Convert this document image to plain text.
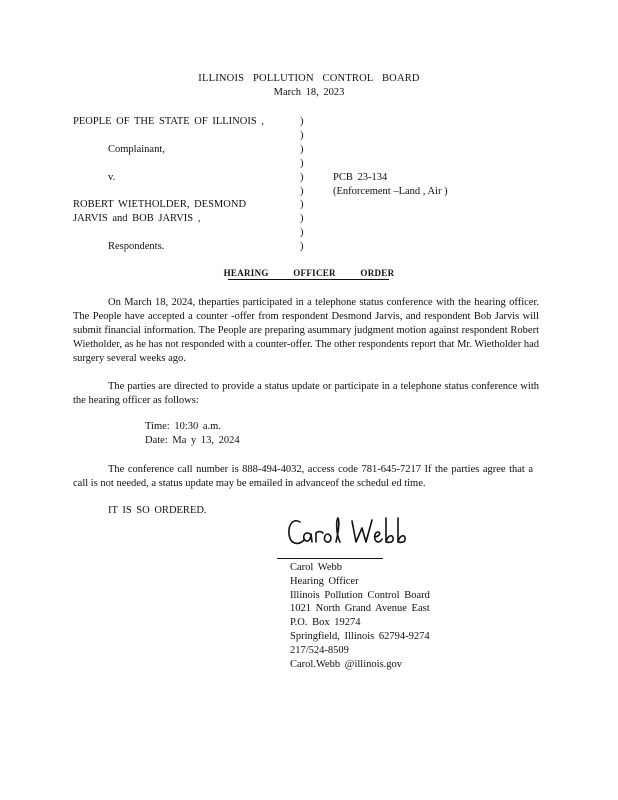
ILLINOIS POLLUTION CONTROL BOARD
March 18, 2023
PEOPLE OF THE STATE OF ILLINOIS ,
Complainant,
v.
ROBERT WIETHOLDER, DESMOND
JARVIS and BOB JARVIS ,
Respondents.
)
)
)
)
)
)
)
)
)
)
PCB 23-134
(Enforcement –Land , Air )
HEARING OFFICER ORDER
On March 18, 2024, theparties participated in a telephone status conference with the hearing officer. The People have accepted a counter -offer from respondent Desmond Jarvis, and respondent Bob Jarvis will submit financial information. The People are preparing asummary judgment motion against respondent Robert Wietholder, as he has not responded with a counter-offer. The other respondents report that Mr. Wietholder had surgery several weeks ago.
The parties are directed to provide a status update or participate in a telephone status conference with the hearing officer as follows:
Time: 10:30 a.m.
Date: Ma y 13, 2024
The conference call number is 888-494-4032, access code 781-645-7217 If the parties agree that a call is not needed, a status update may be emailed in advanceof the schedul ed time.
IT IS SO ORDERED.
Carol Webb
Hearing Officer
Illinois Pollution Control Board
1021 North Grand Avenue East
P.O. Box 19274
Springfield, Illinois 62794-9274
217/524-8509
Carol.Webb @illinois.gov
